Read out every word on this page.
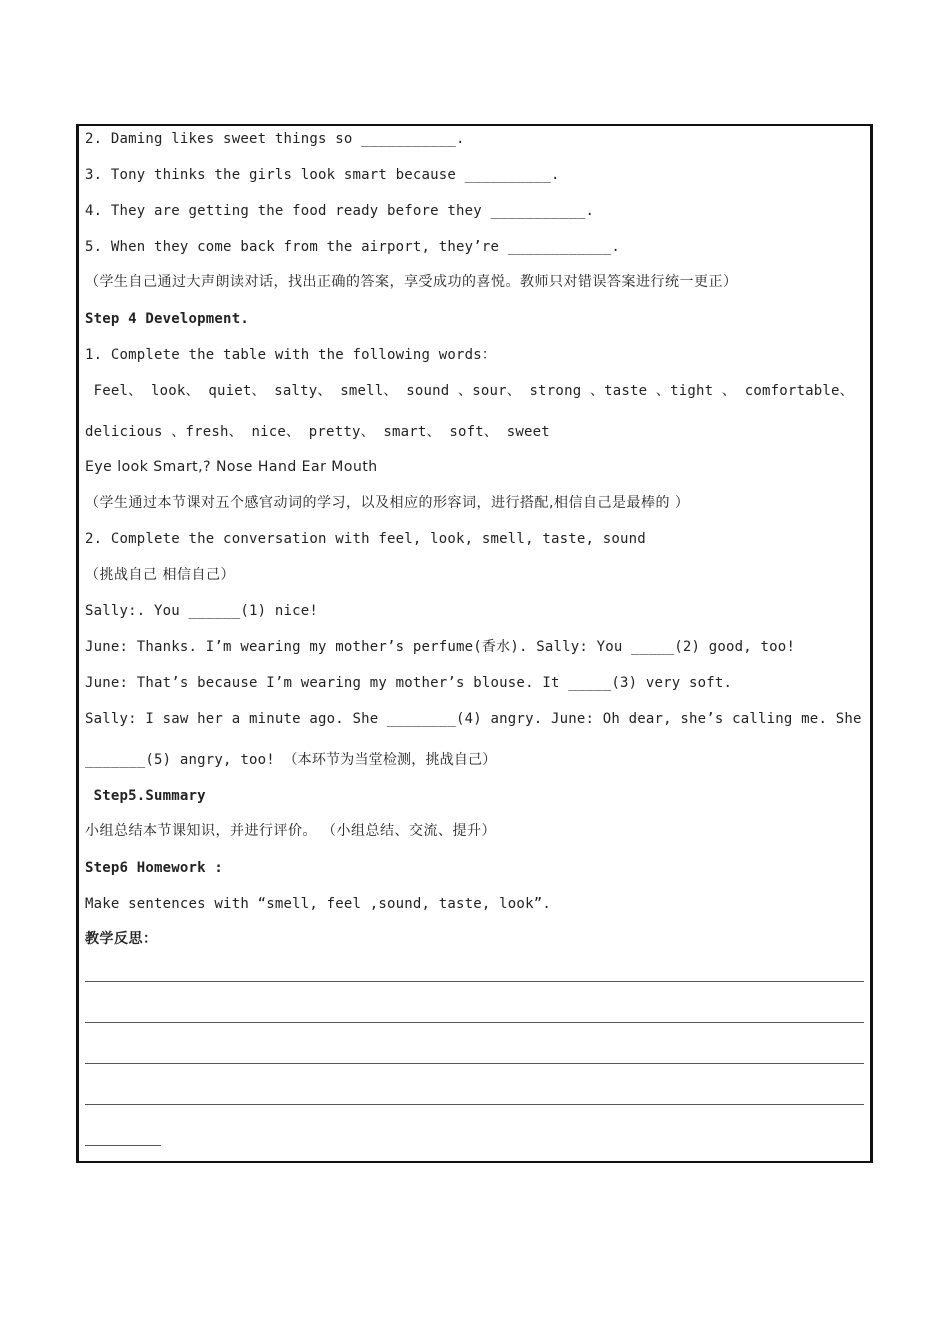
2. Daming likes sweet things so ___________.
3. Tony thinks the girls look smart because __________.
4. They are getting the food ready before they ___________.
5. When they come back from the airport, they’re ____________.
（学生自己通过大声朗读对话，找出正确的答案，享受成功的喜悦。教师只对错误答案进行统一更正）
Step 4 Development.
1. Complete the table with the following words：
Feel、 look、 quiet、 salty、 smell、 sound 、sour、 strong 、taste 、tight 、 comfortable、
delicious 、fresh、 nice、 pretty、 smart、 soft、 sweet
Eye look Smart,? Nose Hand Ear Mouth
（学生通过本节课对五个感官动词的学习，以及相应的形容词，进行搭配,相信自己是最棒的 ）
2. Complete the conversation with feel, look, smell, taste, sound
（挑战自己 相信自己）
Sally:. You ______(1) nice!
June: Thanks. I’m wearing my mother’s perfume(香水). Sally: You _____(2) good, too!
June: That’s because I’m wearing my mother’s blouse. It _____(3) very soft.
Sally: I saw her a minute ago. She ________(4) angry. June: Oh dear, she’s calling me. She
_______(5) angry, too! （本环节为当堂检测，挑战自己）
Step5.Summary
小组总结本节课知识，并进行评价。 （小组总结、交流、提升）
Step6 Homework :
Make sentences with “smell, feel ,sound, taste, look”.
教学反思：
